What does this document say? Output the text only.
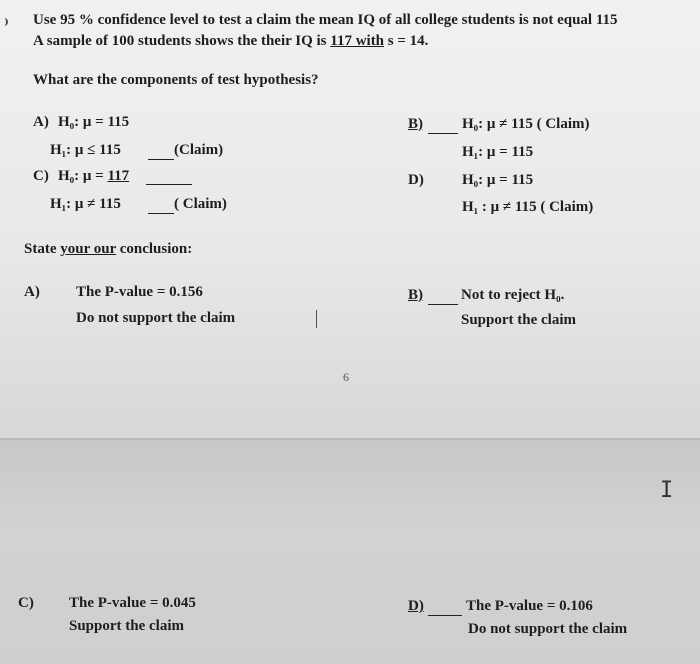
Use 95 % confidence level to test a claim the mean IQ of all college students is not equal 115
A sample of 100 students shows the their IQ is 117 with s = 14.
What are the components of test hypothesis?
A) H₀: μ = 115
H₁: μ ≤ 115	(Claim)
C) H₀: μ = 117
H₁: μ ≠ 115	( Claim)
B)	H₀: μ ≠ 115 ( Claim)
H₁: μ = 115
D)	H₀: μ = 115
H₁ : μ ≠ 115 ( Claim)
State your our conclusion:
A) The P-value = 0.156
Do not support the claim
B)	Not to reject H₀.
Support the claim
6
I
C) The P-value = 0.045
Support the claim
D)	The P-value = 0.106
Do not support the claim
